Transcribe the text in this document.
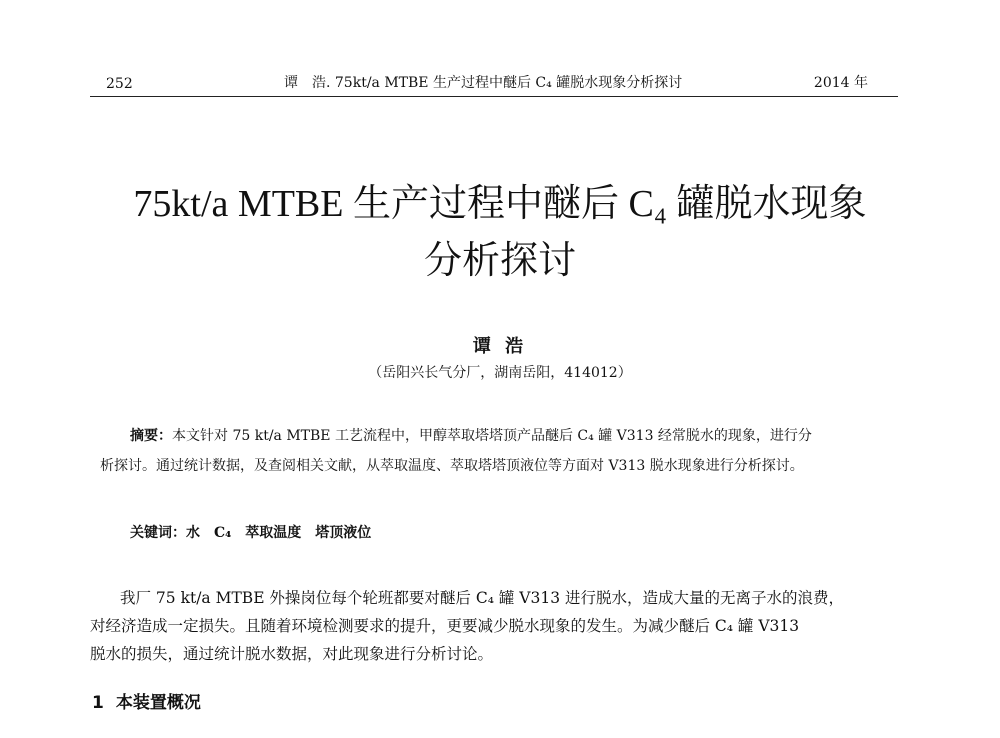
252	谭　浩. 75kt/a MTBE 生产过程中醚后 C₄ 罐脱水现象分析探讨	2014 年
75kt/a MTBE 生产过程中醚后 C₄ 罐脱水现象
分析探讨
谭 浩
（岳阳兴长气分厂，湖南岳阳，414012）
摘要：本文针对 75 kt/a MTBE 工艺流程中，甲醇萃取塔塔顶产品醚后 C₄ 罐 V313 经常脱水的现象，进行分
析探讨。通过统计数据，及查阅相关文献，从萃取温度、萃取塔塔顶液位等方面对 V313 脱水现象进行分析探讨。
关键词：水　C₄　萃取温度　塔顶液位
我厂 75 kt/a MTBE 外操岗位每个轮班都要对醚后 C₄ 罐 V313 进行脱水，造成大量的无离子水的浪费，
对经济造成一定损失。且随着环境检测要求的提升，更要减少脱水现象的发生。为减少醚后 C₄ 罐 V313
脱水的损失，通过统计脱水数据，对此现象进行分析讨论。
1 本装置概况
